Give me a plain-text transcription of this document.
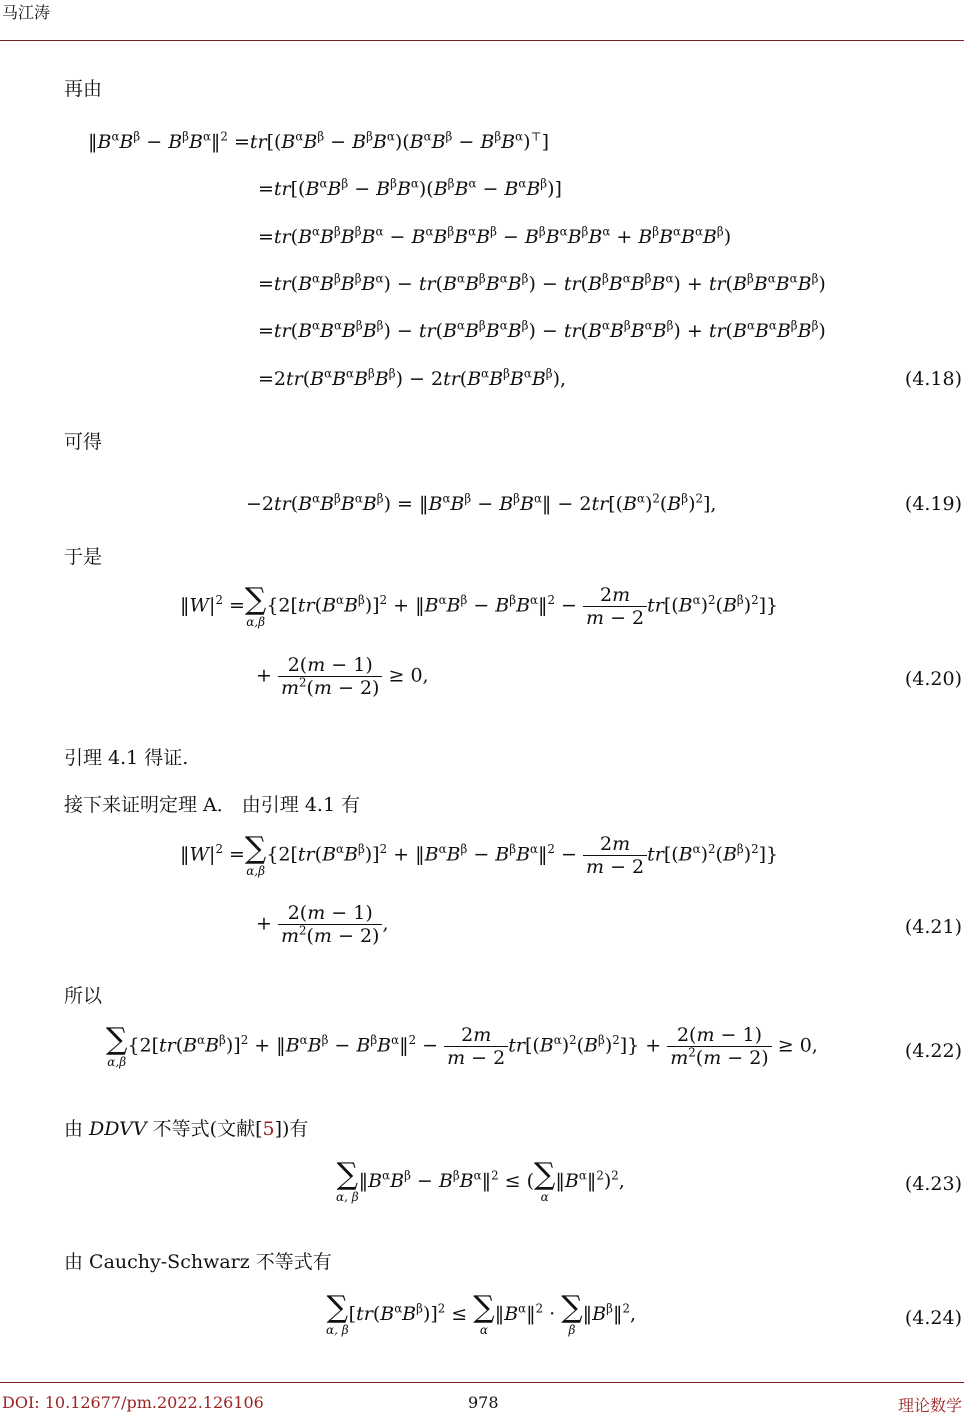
马江涛
再由
$‖B^\alpha B^\beta$ − $B^\beta B^\alpha‖^2 =tr[(B^\alpha B^\beta - B^\beta B^\alpha)(B^\alpha B^\beta - B^\beta B^\alpha)^⊤]$
$=tr[(B^\alpha B^\beta - B^\beta B^\alpha)(B^\beta B^\alpha - B^\alpha B^\beta)]$
$=tr(B^\alpha B^\beta B^\beta B^\alpha - B^\alpha B^\beta B^\alpha B^\beta - B^\beta B^\alpha B^\beta B^\alpha + B^\beta B^\alpha B^\alpha B^\beta)$
$=tr(B^\alpha B^\beta B^\beta B^\alpha) - tr(B^\alpha B^\beta B^\alpha B^\beta) - tr(B^\beta B^\alpha B^\beta B^\alpha) + tr(B^\beta B^\alpha B^\alpha B^\beta)$
$=tr(B^\alpha B^\alpha B^\beta B^\beta) - tr(B^\alpha B^\beta B^\alpha B^\beta) - tr(B^\alpha B^\beta B^\alpha B^\beta) + tr(B^\alpha B^\alpha B^\beta B^\beta)$
$=2tr(B^\alpha B^\alpha B^\beta B^\beta) - 2tr(B^\alpha B^\beta B^\alpha B^\beta)$,	(4.18)
可得
$-2tr(B^\alpha B^\beta B^\alpha B^\beta)$ = $‖B^\alpha B^\beta$ − $B^\beta B^\alpha‖ - 2tr[(B^\alpha)^2(B^\beta)^2]$,	(4.19)
于是
$‖W|^2$ = ∑
α,β
{$2[tr(B^\alpha B^\beta)]^2$ + $‖B^\alpha B^\beta$ − $B^\beta B^\alpha‖^2 - \frac{2m}{m - 2} tr[(B^\alpha)^2(B^\beta)^2]$}
+ $\frac{2(m - 1)}{m^2(m - 2)} \ge 0$,	(4.20)
引理 4.1 得证.
接下来证明定理 A． 由引理 4.1 有
$‖W|^2$ = ∑
α,β
{$2[tr(B^\alpha B^\beta)]^2$ + $‖B^\alpha B^\beta$ − $B^\beta B^\alpha‖^2 - \frac{2m}{m - 2} tr[(B^\alpha)^2(B^\beta)^2]$}
+ $\frac{2(m - 1)}{m^2(m - 2)}$ ,	(4.21)
所以
∑
α,β
{$2[tr(B^\alpha B^\beta)]^2$ + $‖B^\alpha B^\beta$ − $B^\beta B^\alpha‖^2 - \frac{2m}{m - 2} tr[(B^\alpha)^2(B^\beta)^2]\} + \frac{2(m - 1)}{m^2(m - 2)} \ge 0$,	(4.22)
由 DDVV 不等式(文献[5])有
∑
α, β
$‖B^\alpha B^\beta$ − $B^\beta B^\alpha‖^2$ ≤ ( ∑
α
$‖B^\alpha‖^2)^2$,	(4.23)
由 Cauchy-Schwarz 不等式有
∑
α, β
$[tr(B^\alpha B^\beta)]^2$ ≤ ∑
α
$‖B^\alpha‖^2$ · ∑
β
$‖B^\beta‖^2$,	(4.24)
DOI: 10.12677/pm.2022.126106	978	理论数学
